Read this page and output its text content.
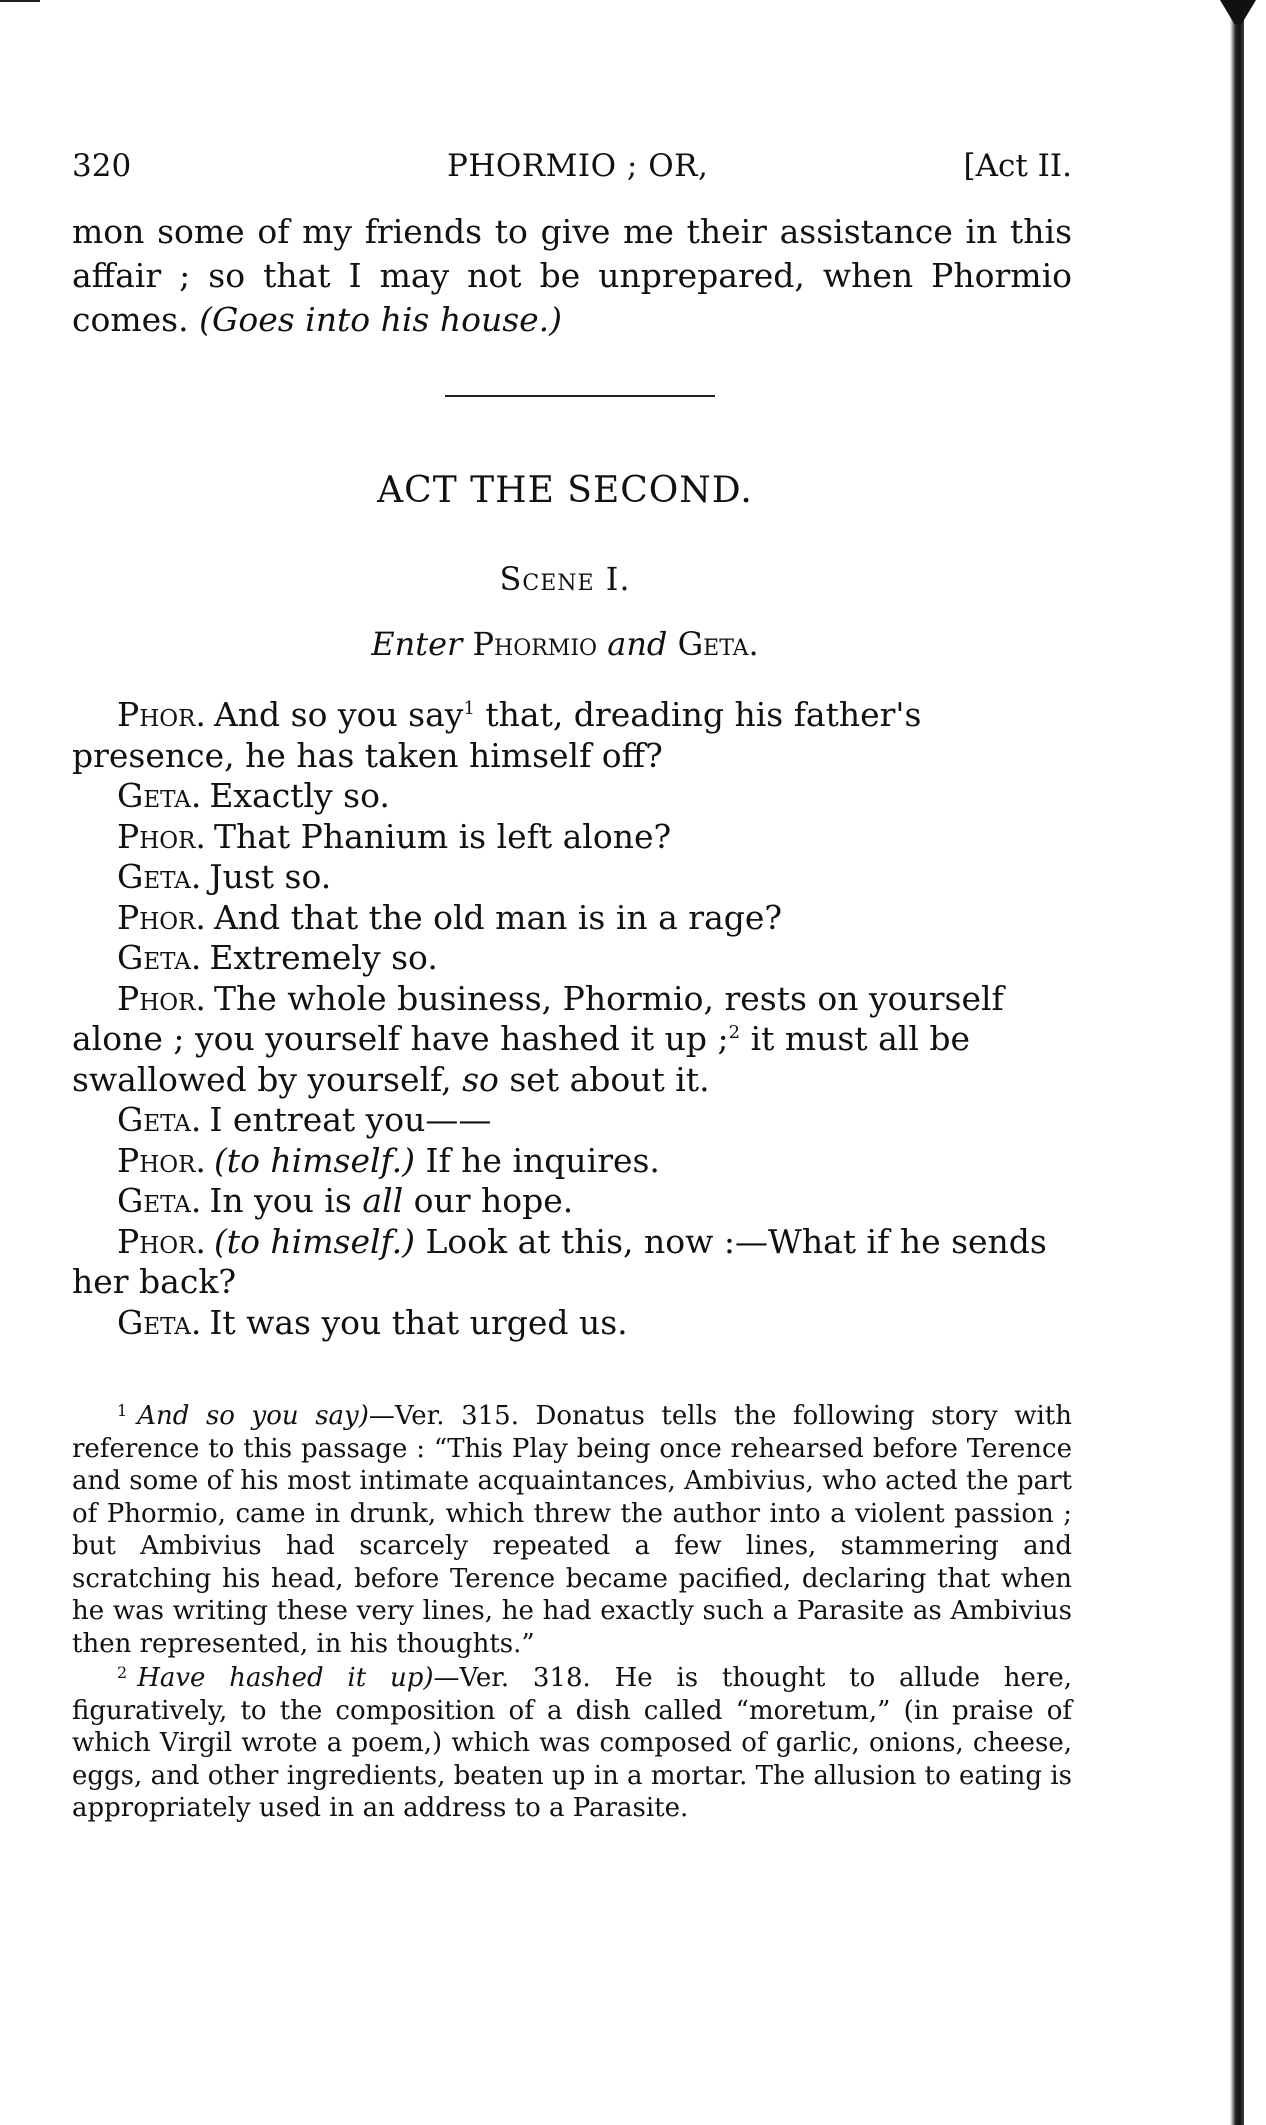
320	PHORMIO ; OR,	[Act II.

mon some of my friends to give me their assistance in this affair ; so that I may not be unprepared, when Phormio comes. (Goes into his house.)

ACT THE SECOND.
Scene I.
Enter Phormio and Geta.

Phor. And so you say$^1$ that, dreading his father's presence, he has taken himself off?

Geta. Exactly so.

Phor. That Phanium is left alone?

Geta. Just so.

Phor. And that the old man is in a rage?

Geta. Extremely so.

Phor. The whole business, Phormio, rests on yourself alone ; you yourself have hashed it up ;$^2$ it must all be swallowed by yourself, so set about it.

Geta. I entreat you——

Phor. (to himself.) If he inquires.

Geta. In you is all our hope.

Phor. (to himself.) Look at this, now :—What if he sends her back?

Geta. It was you that urged us.

$^1$ And so you say)—Ver. 315. Donatus tells the following story with reference to this passage : “This Play being once rehearsed before Terence and some of his most intimate acquaintances, Ambivius, who acted the part of Phormio, came in drunk, which threw the author into a violent passion ; but Ambivius had scarcely repeated a few lines, stammering and scratching his head, before Terence became pacified, declaring that when he was writing these very lines, he had exactly such a Parasite as Ambivius then represented, in his thoughts.”

$^2$ Have hashed it up)—Ver. 318. He is thought to allude here, figuratively, to the composition of a dish called “moretum,” (in praise of which Virgil wrote a poem,) which was composed of garlic, onions, cheese, eggs, and other ingredients, beaten up in a mortar. The allusion to eating is appropriately used in an address to a Parasite.
